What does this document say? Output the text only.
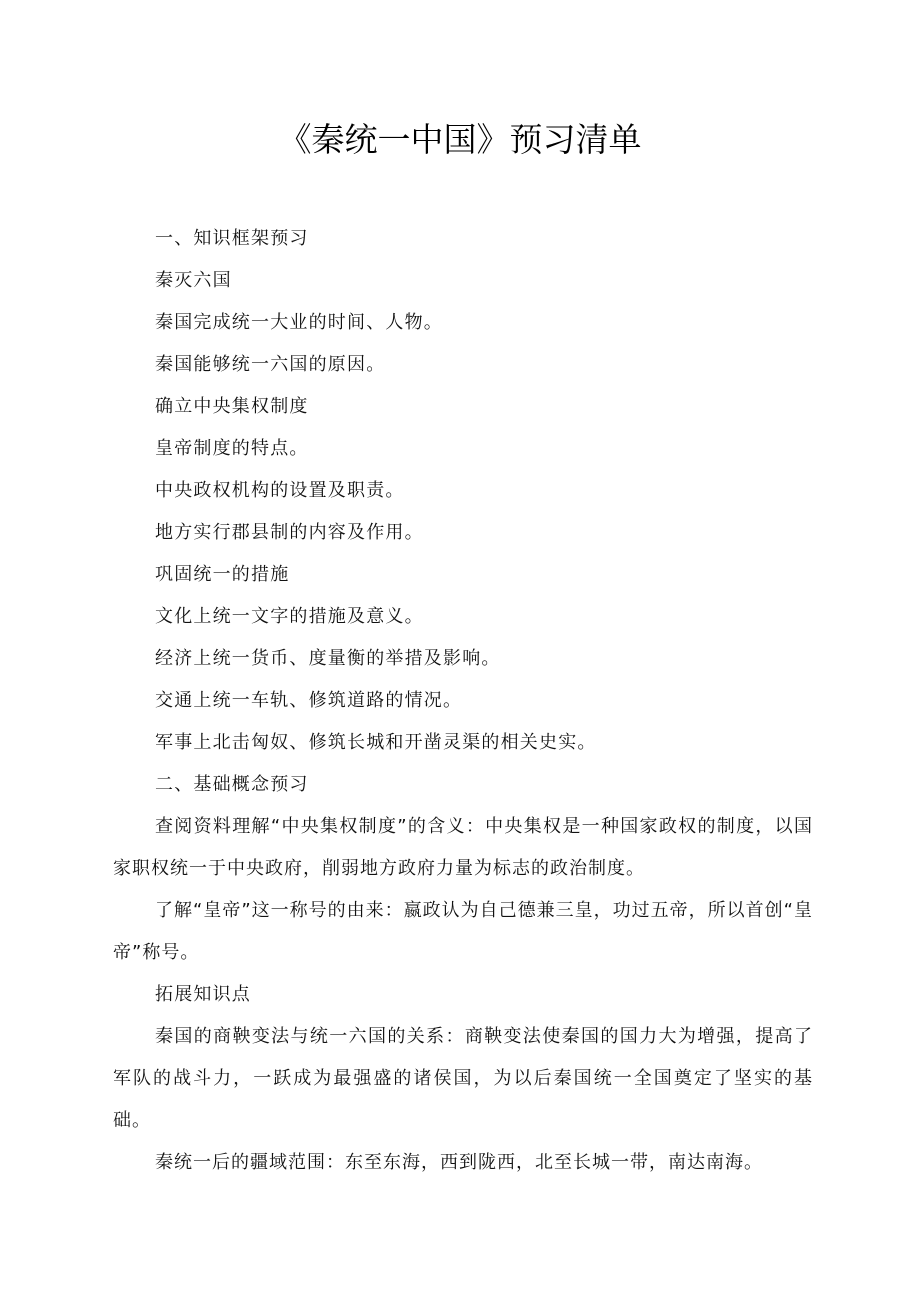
《秦统一中国》预习清单

一、知识框架预习

秦灭六国

秦国完成统一大业的时间、人物。

秦国能够统一六国的原因。

确立中央集权制度

皇帝制度的特点。

中央政权机构的设置及职责。

地方实行郡县制的内容及作用。

巩固统一的措施

文化上统一文字的措施及意义。

经济上统一货币、度量衡的举措及影响。

交通上统一车轨、修筑道路的情况。

军事上北击匈奴、修筑长城和开凿灵渠的相关史实。

二、基础概念预习

查阅资料理解“中央集权制度”的含义：中央集权是一种国家政权的制度，以国家职权统一于中央政府，削弱地方政府力量为标志的政治制度。

了解“皇帝”这一称号的由来：嬴政认为自己德兼三皇，功过五帝，所以首创“皇帝”称号。

拓展知识点

秦国的商鞅变法与统一六国的关系：商鞅变法使秦国的国力大为增强，提高了军队的战斗力，一跃成为最强盛的诸侯国，为以后秦国统一全国奠定了坚实的基础。

秦统一后的疆域范围：东至东海，西到陇西，北至长城一带，南达南海。
